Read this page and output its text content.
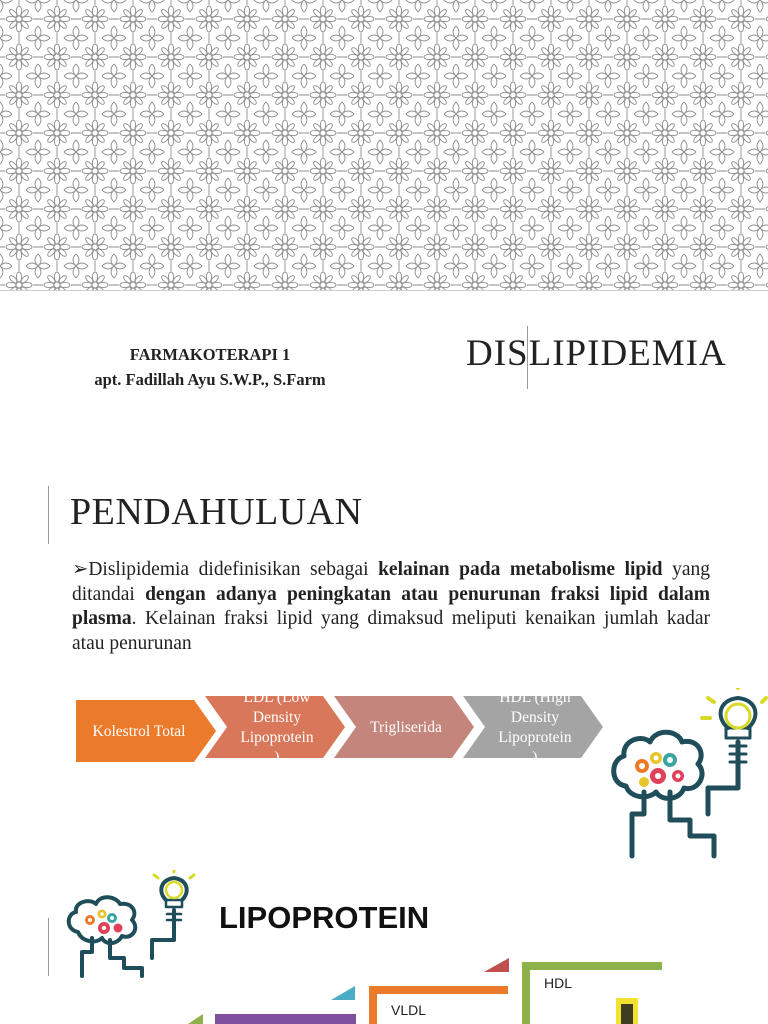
FARMAKOTERAPI 1
apt. Fadillah Ayu S.W.P., S.Farm
DISLIPIDEMIA
PENDAHULUAN
➢Dislipidemia didefinisikan sebagai kelainan pada metabolisme lipid yang ditandai dengan adanya peningkatan atau penurunan fraksi lipid dalam plasma. Kelainan fraksi lipid yang dimaksud meliputi kenaikan jumlah kadar atau penurunan
Kolestrol Total
LDL (Low
Density
Lipoprotein
)
Trigliserida
HDL (High
Density
Lipoprotein
)
LIPOPROTEIN
HDL
VLDL
